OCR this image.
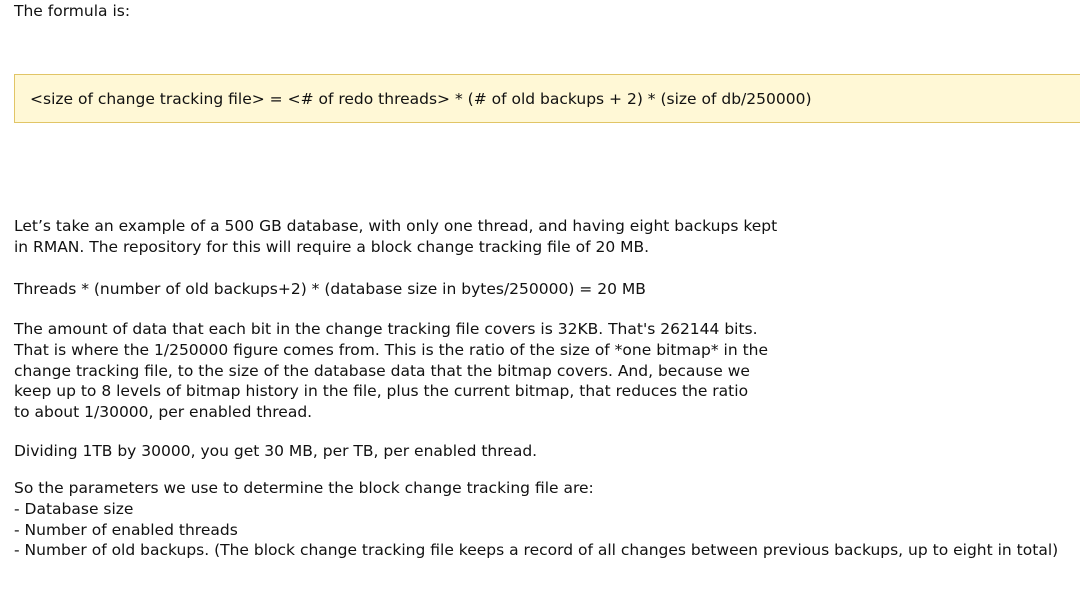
The formula is:

<size of change tracking file> = <# of redo threads> * (# of old backups + 2) * (size of db/250000)

Let’s take an example of a 500 GB database, with only one thread, and having eight backups kept
in RMAN. The repository for this will require a block change tracking file of 20 MB.

Threads * (number of old backups+2) * (database size in bytes/250000) = 20 MB

The amount of data that each bit in the change tracking file covers is 32KB. That's 262144 bits.
That is where the 1/250000 figure comes from. This is the ratio of the size of *one bitmap* in the
change tracking file, to the size of the database data that the bitmap covers. And, because we
keep up to 8 levels of bitmap history in the file, plus the current bitmap, that reduces the ratio
to about 1/30000, per enabled thread.

Dividing 1TB by 30000, you get 30 MB, per TB, per enabled thread.

So the parameters we use to determine the block change tracking file are:
- Database size
- Number of enabled threads
- Number of old backups. (The block change tracking file keeps a record of all changes between previous backups, up to eight in total)
